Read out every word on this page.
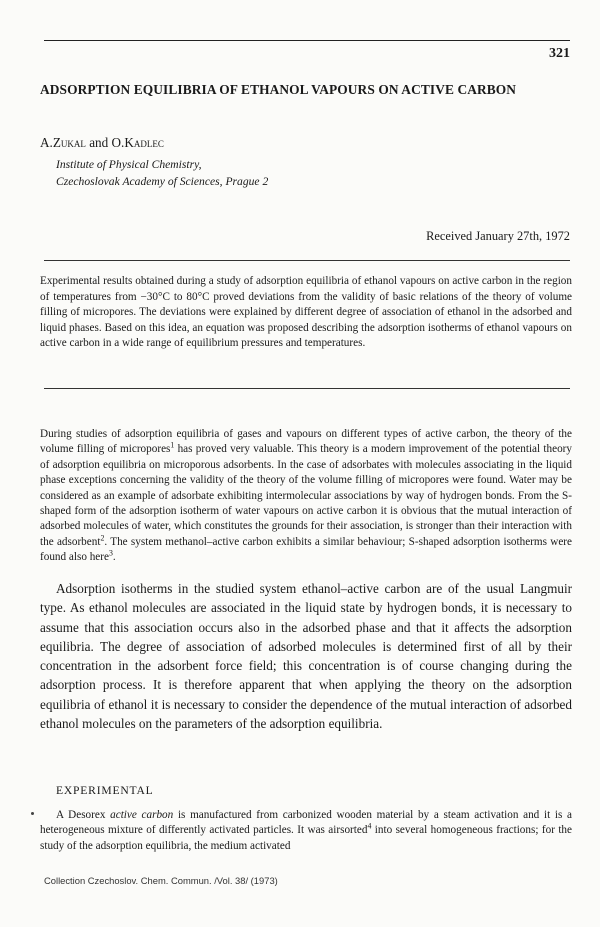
321
ADSORPTION EQUILIBRIA OF ETHANOL VAPOURS ON ACTIVE CARBON
A.Zukal and O.Kadlec
Institute of Physical Chemistry,
Czechoslovak Academy of Sciences, Prague 2
Received January 27th, 1972
Experimental results obtained during a study of adsorption equilibria of ethanol vapours on active carbon in the region of temperatures from −30°C to 80°C proved deviations from the validity of basic relations of the theory of volume filling of micropores. The deviations were explained by different degree of association of ethanol in the adsorbed and liquid phases. Based on this idea, an equation was proposed describing the adsorption isotherms of ethanol vapours on active carbon in a wide range of equilibrium pressures and temperatures.
During studies of adsorption equilibria of gases and vapours on different types of active carbon, the theory of the volume filling of micropores$^1$ has proved very valuable. This theory is a modern improvement of the potential theory of adsorption equilibria on microporous adsorbents. In the case of adsorbates with molecules associating in the liquid phase exceptions concerning the validity of the theory of the volume filling of micropores were found. Water may be considered as an example of adsorbate exhibiting intermolecular associations by way of hydrogen bonds. From the S-shaped form of the adsorption isotherm of water vapours on active carbon it is obvious that the mutual interaction of adsorbed molecules of water, which constitutes the grounds for their association, is stronger than their interaction with the adsorbent$^2$. The system methanol–active carbon exhibits a similar behaviour; S-shaped adsorption isotherms were found also here$^3$.
Adsorption isotherms in the studied system ethanol–active carbon are of the usual Langmuir type. As ethanol molecules are associated in the liquid state by hydrogen bonds, it is necessary to assume that this association occurs also in the adsorbed phase and that it affects the adsorption equilibria. The degree of association of adsorbed molecules is determined first of all by their concentration in the adsorbent force field; this concentration is of course changing during the adsorption process. It is therefore apparent that when applying the theory on the adsorption equilibria of ethanol it is necessary to consider the dependence of the mutual interaction of adsorbed ethanol molecules on the parameters of the adsorption equilibria.
EXPERIMENTAL
A Desorex active carbon is manufactured from carbonized wooden material by a steam activation and it is a heterogeneous mixture of differently activated particles. It was airsorted$^4$ into several homogeneous fractions; for the study of the adsorption equilibria, the medium activated
Collection Czechoslov. Chem. Commun. /Vol. 38/ (1973)
